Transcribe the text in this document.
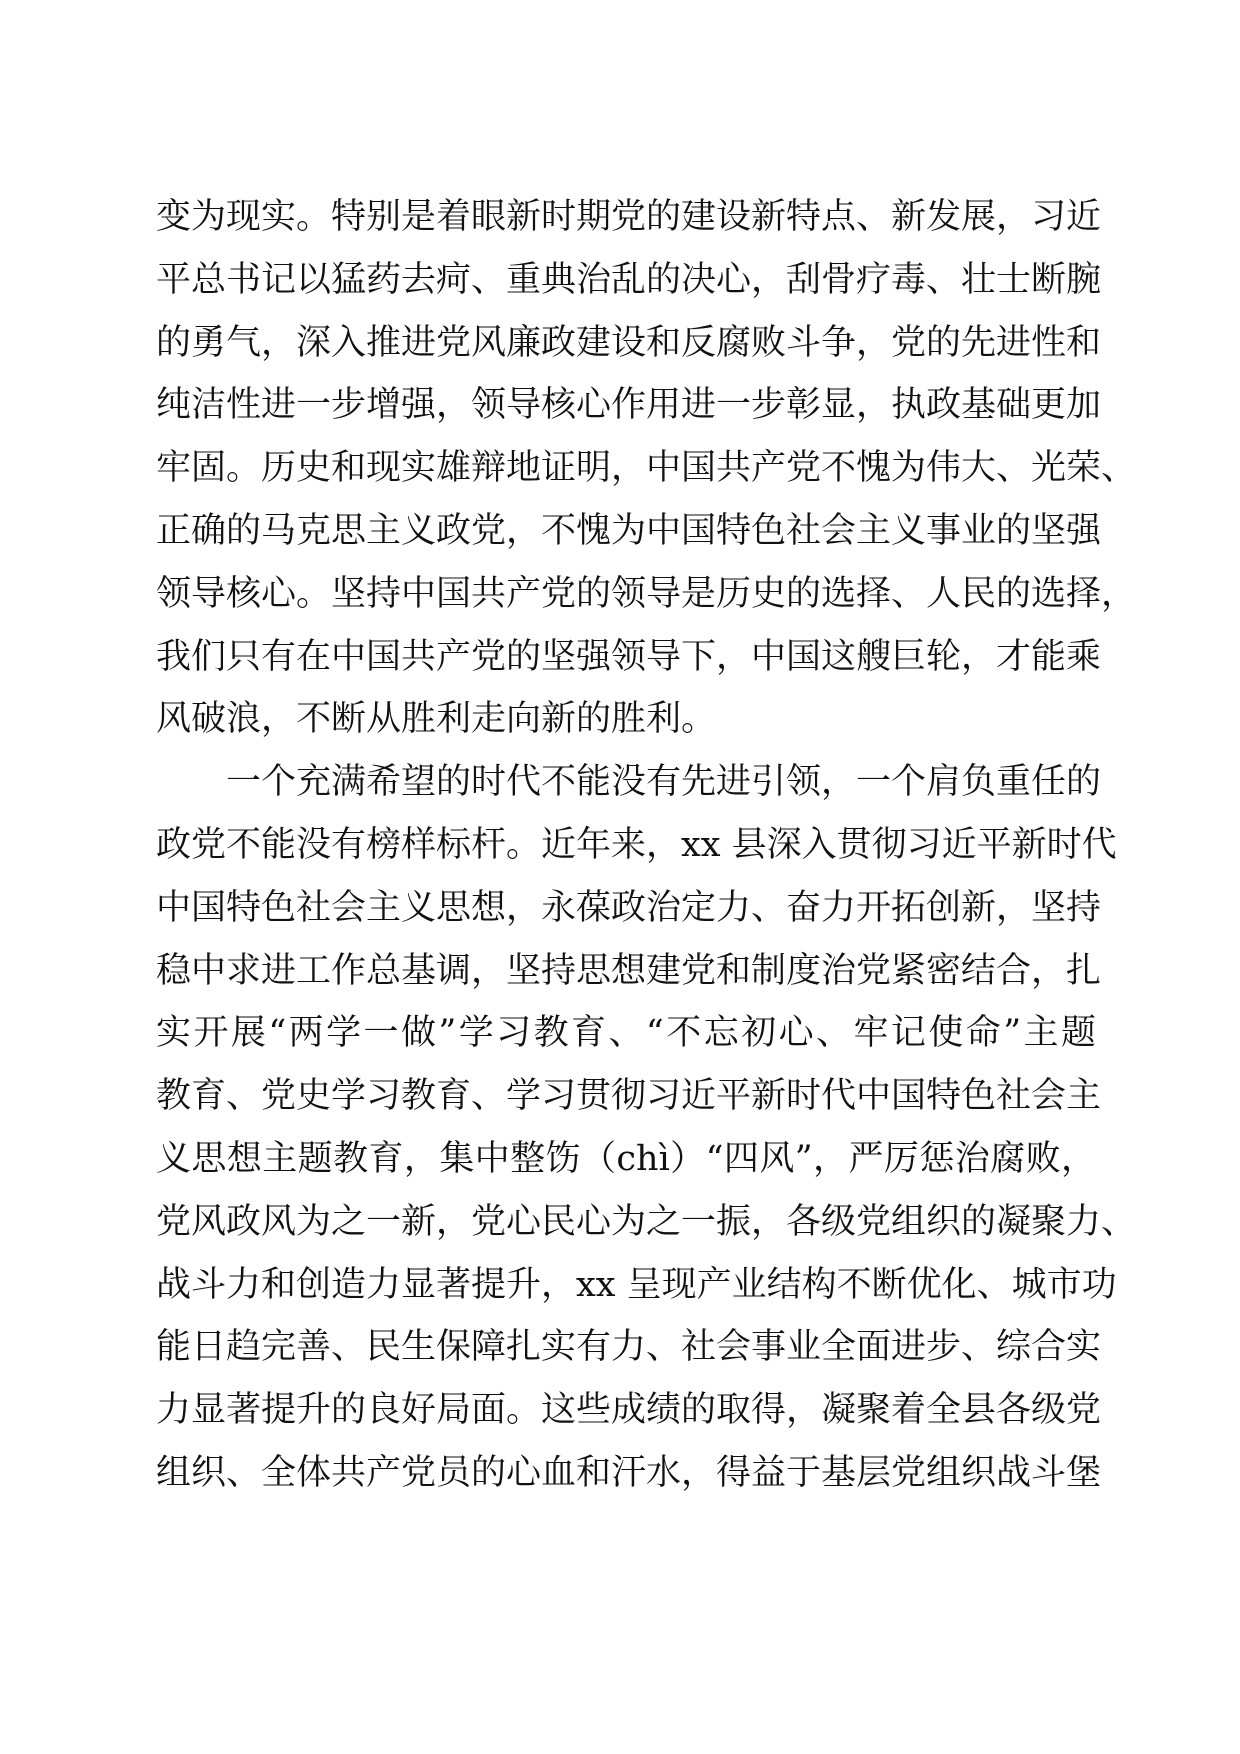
变为现实。特别是着眼新时期党的建设新特点、新发展，习近
平总书记以猛药去疴、重典治乱的决心，刮骨疗毒、壮士断腕
的勇气，深入推进党风廉政建设和反腐败斗争，党的先进性和
纯洁性进一步增强，领导核心作用进一步彰显，执政基础更加
牢固。历史和现实雄辩地证明，中国共产党不愧为伟大、光荣、
正确的马克思主义政党，不愧为中国特色社会主义事业的坚强
领导核心。坚持中国共产党的领导是历史的选择、人民的选择，
我们只有在中国共产党的坚强领导下，中国这艘巨轮，才能乘
风破浪，不断从胜利走向新的胜利。
一个充满希望的时代不能没有先进引领，一个肩负重任的
政党不能没有榜样标杆。近年来，xx 县深入贯彻习近平新时代
中国特色社会主义思想，永葆政治定力、奋力开拓创新，坚持
稳中求进工作总基调，坚持思想建党和制度治党紧密结合，扎
实开展“两学一做”学习教育、“不忘初心、牢记使命”主题
教育、党史学习教育、学习贯彻习近平新时代中国特色社会主
义思想主题教育，集中整饬（chì）“四风”，严厉惩治腐败，
党风政风为之一新，党心民心为之一振，各级党组织的凝聚力、
战斗力和创造力显著提升，xx 呈现产业结构不断优化、城市功
能日趋完善、民生保障扎实有力、社会事业全面进步、综合实
力显著提升的良好局面。这些成绩的取得，凝聚着全县各级党
组织、全体共产党员的心血和汗水，得益于基层党组织战斗堡
